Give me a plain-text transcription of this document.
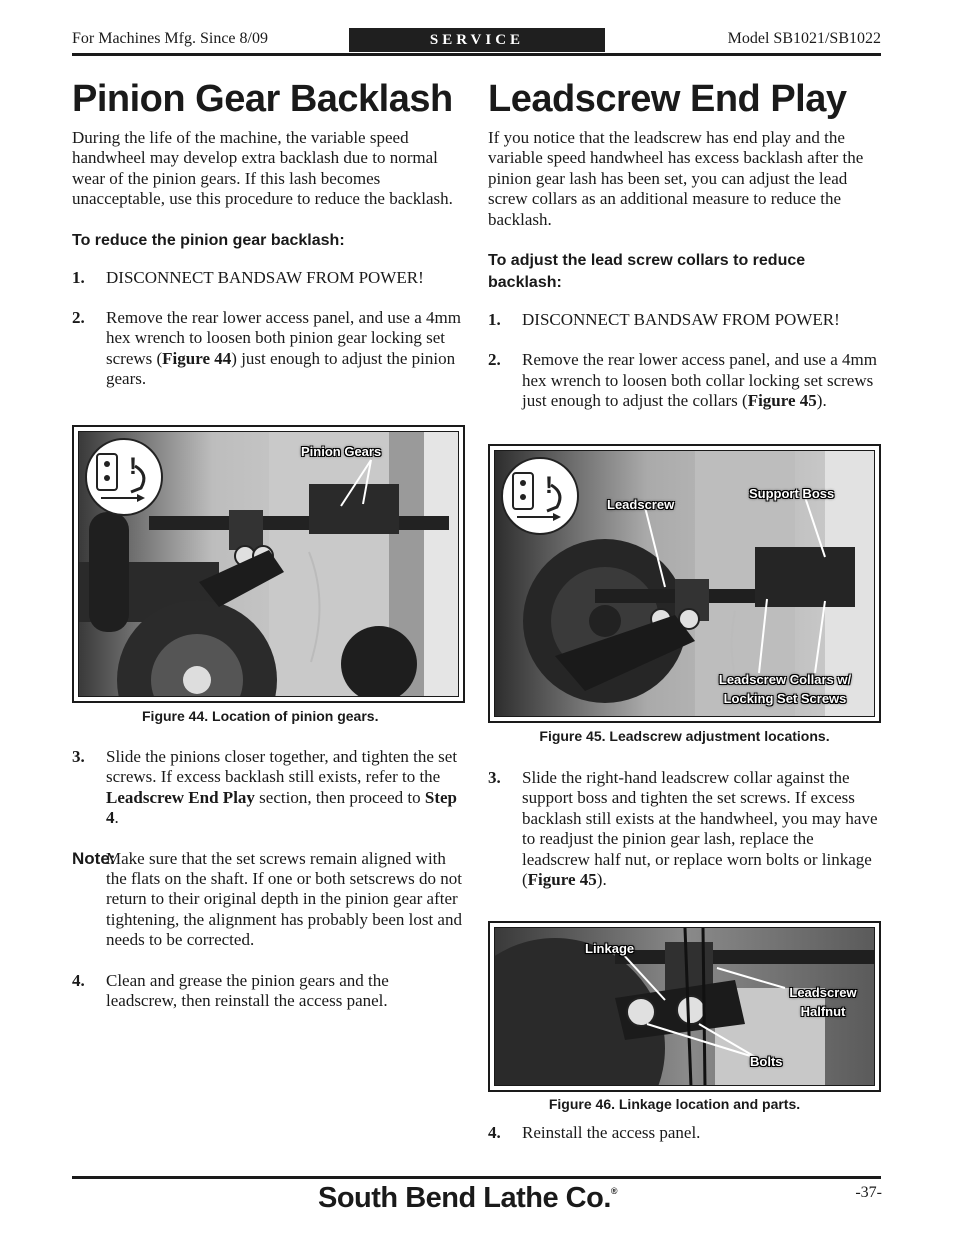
For Machines Mfg. Since 8/09	SERVICE	Model SB1021/SB1022
Pinion Gear Backlash

During the life of the machine, the variable speed handwheel may develop extra backlash due to normal wear of the pinion gears. If this lash becomes unacceptable, use this procedure to reduce the backlash.

To reduce the pinion gear backlash:

1. DISCONNECT BANDSAW FROM POWER!
2. Remove the rear lower access panel, and use a 4mm hex wrench to loosen both pinion gear locking set screws (Figure 44) just enough to adjust the pinion gears.
!
Pinion Gears
Figure 44. Location of pinion gears.
3. Slide the pinions closer together, and tighten the set screws. If excess backlash still exists, refer to the Leadscrew End Play section, then proceed to Step 4.
Note:
Make sure that the set screws remain aligned with the flats on the shaft. If one or both setscrews do not return to their original depth in the pinion gear after tightening, the alignment has probably been lost and needs to be corrected.
4. Clean and grease the pinion gears and the leadscrew, then reinstall the access panel.
Leadscrew End Play

If you notice that the leadscrew has end play and the variable speed handwheel has excess backlash after the pinion gear lash has been set, you can adjust the lead screw collars as an additional measure to reduce the backlash.

To adjust the lead screw collars to reduce backlash:

1. DISCONNECT BANDSAW FROM POWER!
2. Remove the rear lower access panel, and use a 4mm hex wrench to loosen both collar locking set screws just enough to adjust the collars (Figure 45).
!
Leadscrew
Support Boss
Leadscrew Collars w/
Locking Set Screws
Figure 45. Leadscrew adjustment locations.
3. Slide the right-hand leadscrew collar against the support boss and tighten the set screws. If excess backlash still exists at the handwheel, you may have to readjust the pinion gear lash, replace the leadscrew half nut, or replace worn bolts or linkage (Figure 45).
Linkage
Leadscrew
Halfnut
Bolts
Figure 46. Linkage location and parts.
4. Reinstall the access panel.
South Bend Lathe Co.®	-37-
